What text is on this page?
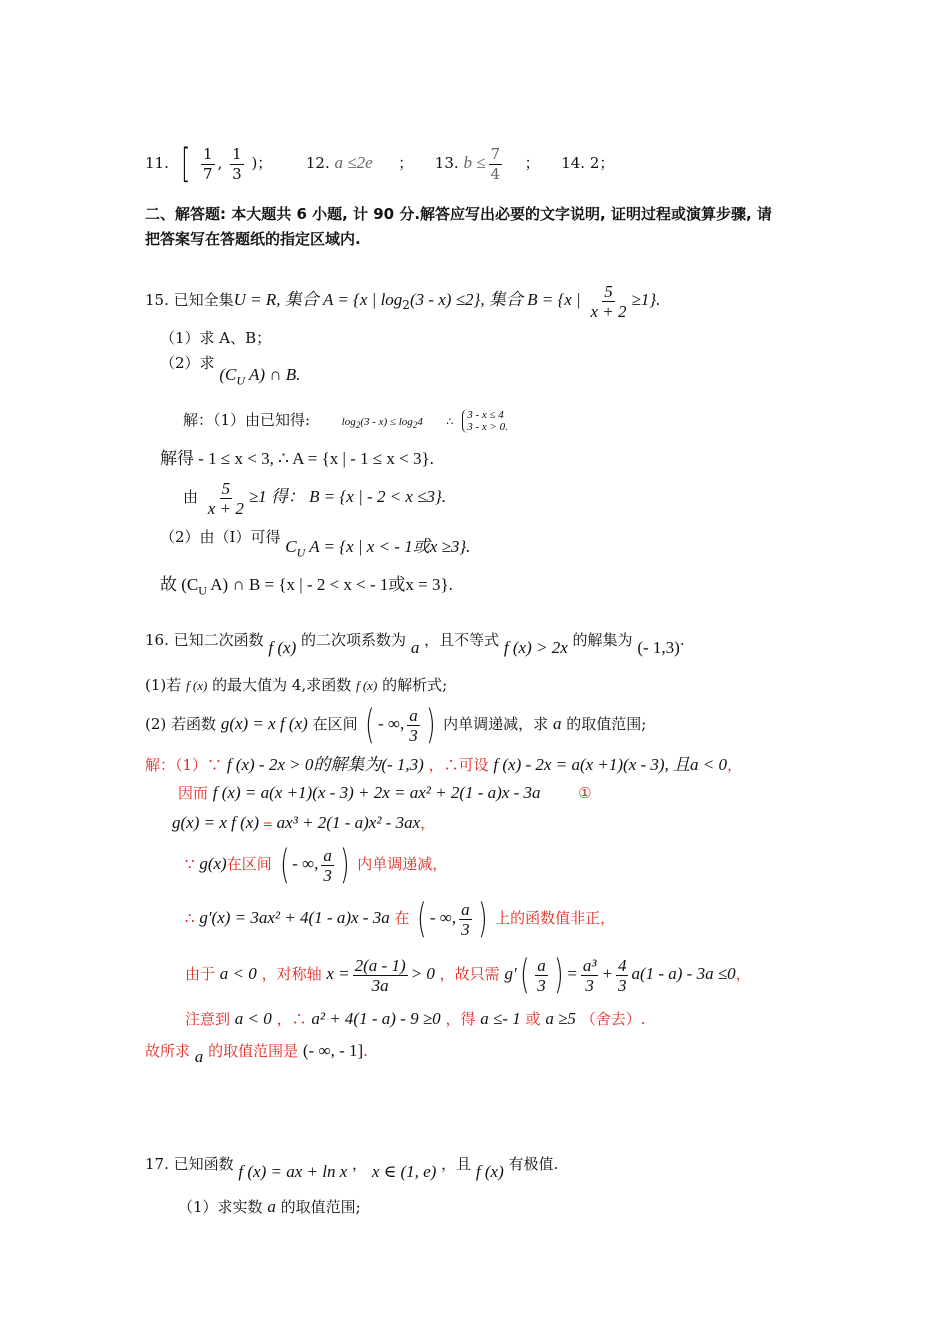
11. [ $\frac{1}{7}$ , $\frac{1}{3}$ )； 12. a ≤2e ； 13. $b \le \frac{7}{4}$ ； 14. 2；
二、解答题: 本大题共 6 小题, 计 90 分.解答应写出必要的文字说明, 证明过程或演算步骤, 请
把答案写在答题纸的指定区域内.
15. 已知全集U = R, 集合 A = {x | $\log_2(3 - x) \le 2$}, 集合 B = {x | $\frac{5}{x + 2} \ge 1$}.
（1）求 A、B；
（2）求 ($C_U$ A) ∩ B.
解：（1）由已知得:	$\log_2(3 - x) \le \log_24$ ∴ 3 - x ≤ 4
3 - x > 0.
解得 - 1 ≤ x < 3, ∴ A = {x | - 1 ≤ x < 3}.
由 $\frac{5}{x + 2} \ge 1$ 得： B = {x | - 2 < x ≤3}.
（2）由（I）可得 $C_U$ A = {x | x < - 1或x ≥3}.
故 ($C_U$ A) ∩ B = {x | - 2 < x < - 1或x = 3}.
16. 已知二次函数 f (x) 的二次项系数为 a ，且不等式 f (x) > 2x 的解集为 (- 1,3).
(1)若 f (x) 的最大值为 4,求函数 f (x) 的解析式;
(2) 若函数 g(x) = x f (x) 在区间 ( - ∞, $\frac{a}{3}$ ) 内单调递减，求 a 的取值范围;
解：（1）∵ f (x) - 2x > 0的解集为(- 1,3) ，∴可设 f (x) - 2x = a(x +1)(x - 3), 且a < 0，
因而 f (x) = a(x +1)(x - 3) + 2x = ax² + 2(1 - a)x - 3a	①
g(x) = x f (x) = ax³ + 2(1 - a)x² - 3ax，
∵ g(x)在区间 ( - ∞, $\frac{a}{3}$ ) 内单调递减，
∴ g′(x) = 3ax² + 4(1 - a)x - 3a 在 ( - ∞, $\frac{a}{3}$ ) 上的函数值非正，
由于 a < 0 ，对称轴 $x = \frac{2(a - 1)}{3a} > 0$ ，故只需 $g'( \frac{a}{3}$ ) = $\frac{\text{a³}}{3} + \frac{4}{3} a(1 - a) - 3a \le 0$，
注意到 a < 0 ，∴ a² + 4(1 - a) - 9 ≥0 ，得 a ≤- 1 或 a ≥5 （舍去）.
故所求 a 的取值范围是 (- ∞, - 1].
17. 已知函数 f (x) = ax + ln x ， x ∈ (1, e) ，且 f (x) 有极值.
（1）求实数 a 的取值范围;
